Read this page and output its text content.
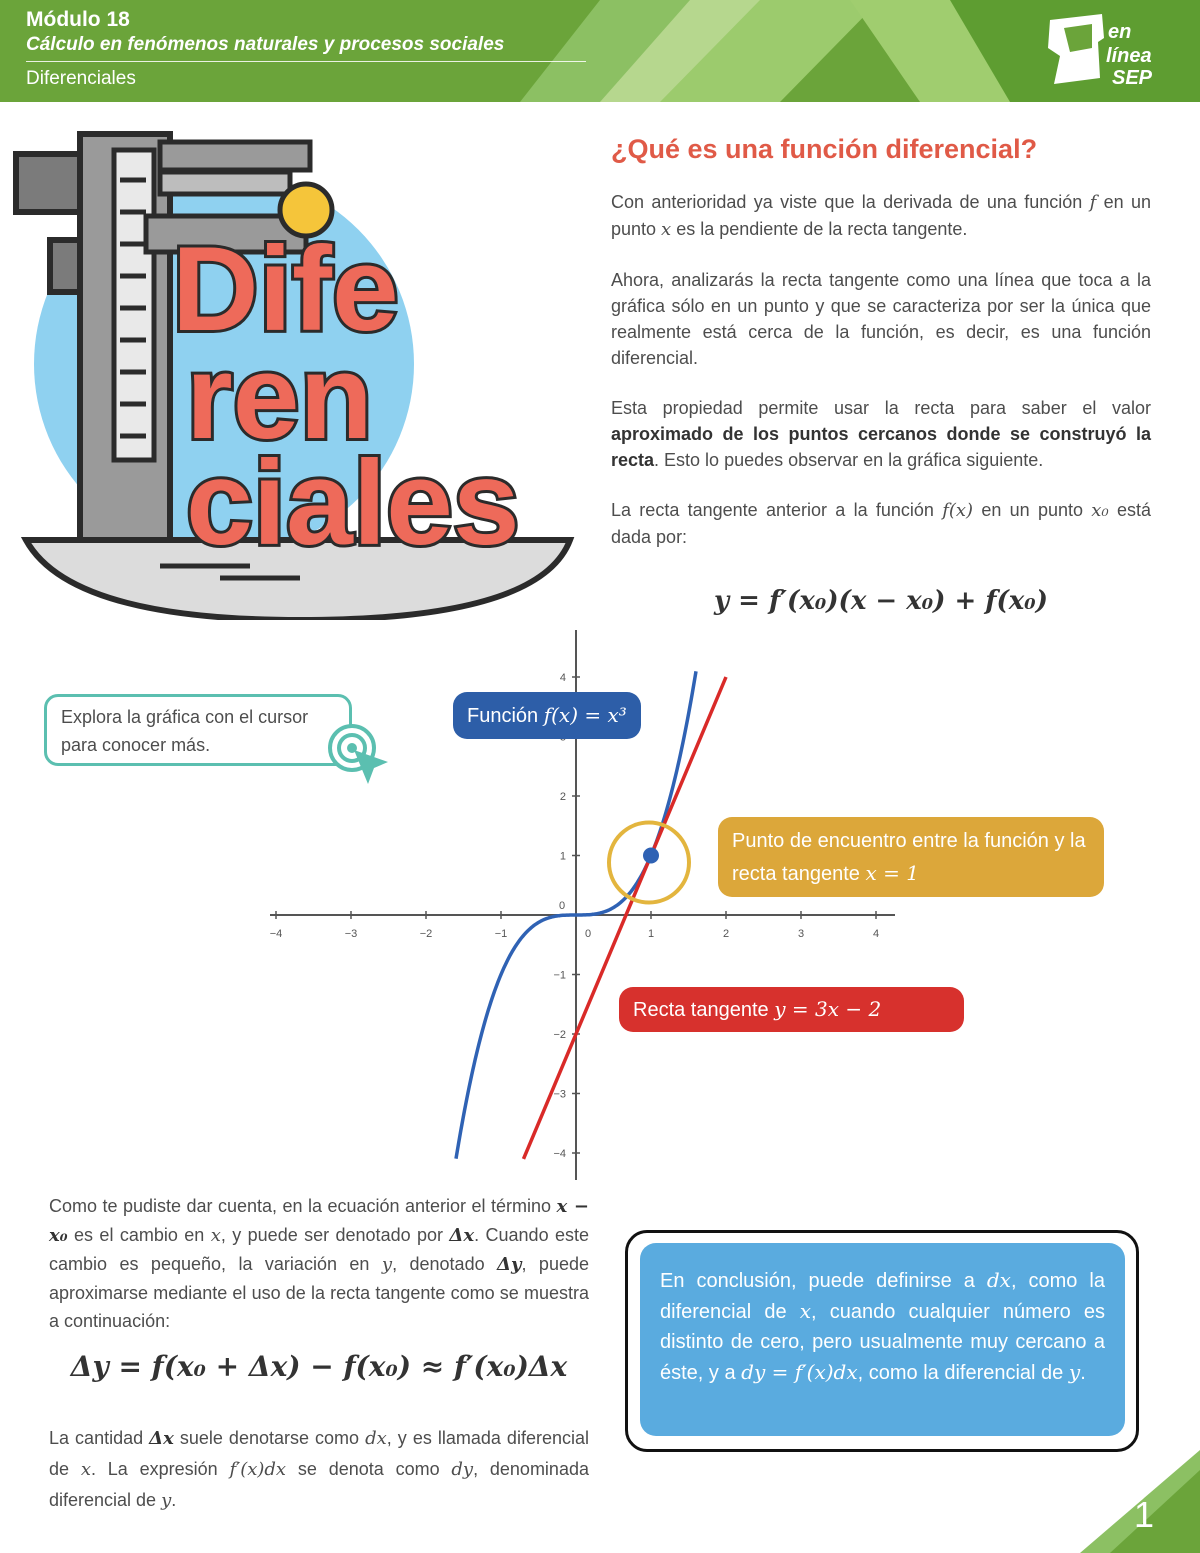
Módulo 18
Cálculo en fenómenos naturales y procesos sociales
Diferenciales
en
línea
SEP
Dife
ren
ciales
¿Qué es una función diferencial?

Con anterioridad ya viste que la derivada de una función f en un punto x es la pendiente de la recta tangente.

Ahora, analizarás la recta tangente como una línea que toca a la gráfica sólo en un punto y que se caracteriza por ser la única que realmente está cerca de la función, es decir, es una función diferencial.

Esta propiedad permite usar la recta para saber el valor aproximado de los puntos cercanos donde se construyó la recta. Esto lo puedes observar en la gráfica siguiente.

La recta tangente anterior a la función f(x) en un punto x₀ está dada por:

y = f′(x₀)(x − x₀) + f(x₀)
−4	−3	−2	−1	0	1	2	3	4
−4
−3
−2
−1
0
1
2
4
Explora la gráfica con el cursor para conocer más.
Función f(x) = x³
Punto de encuentro entre la función y la recta tangente x = 1
Recta tangente y = 3x − 2

Como te pudiste dar cuenta, en la ecuación anterior el término x − x₀ es el cambio en x, y puede ser denotado por Δx. Cuando este cambio es pequeño, la variación en y, denotado Δy, puede aproximarse mediante el uso de la recta tangente como se muestra a continuación:

Δy = f(x₀ + Δx) − f(x₀) ≈ f′(x₀)Δx

La cantidad Δx suele denotarse como dx, y es llamada diferencial de x. La expresión f′(x)dx se denota como dy, denominada diferencial de y.

En conclusión, puede definirse a dx, como la diferencial de x, cuando cualquier número es distinto de cero, pero usualmente muy cercano a éste, y a dy = f′(x)dx, como la diferencial de y.
1
